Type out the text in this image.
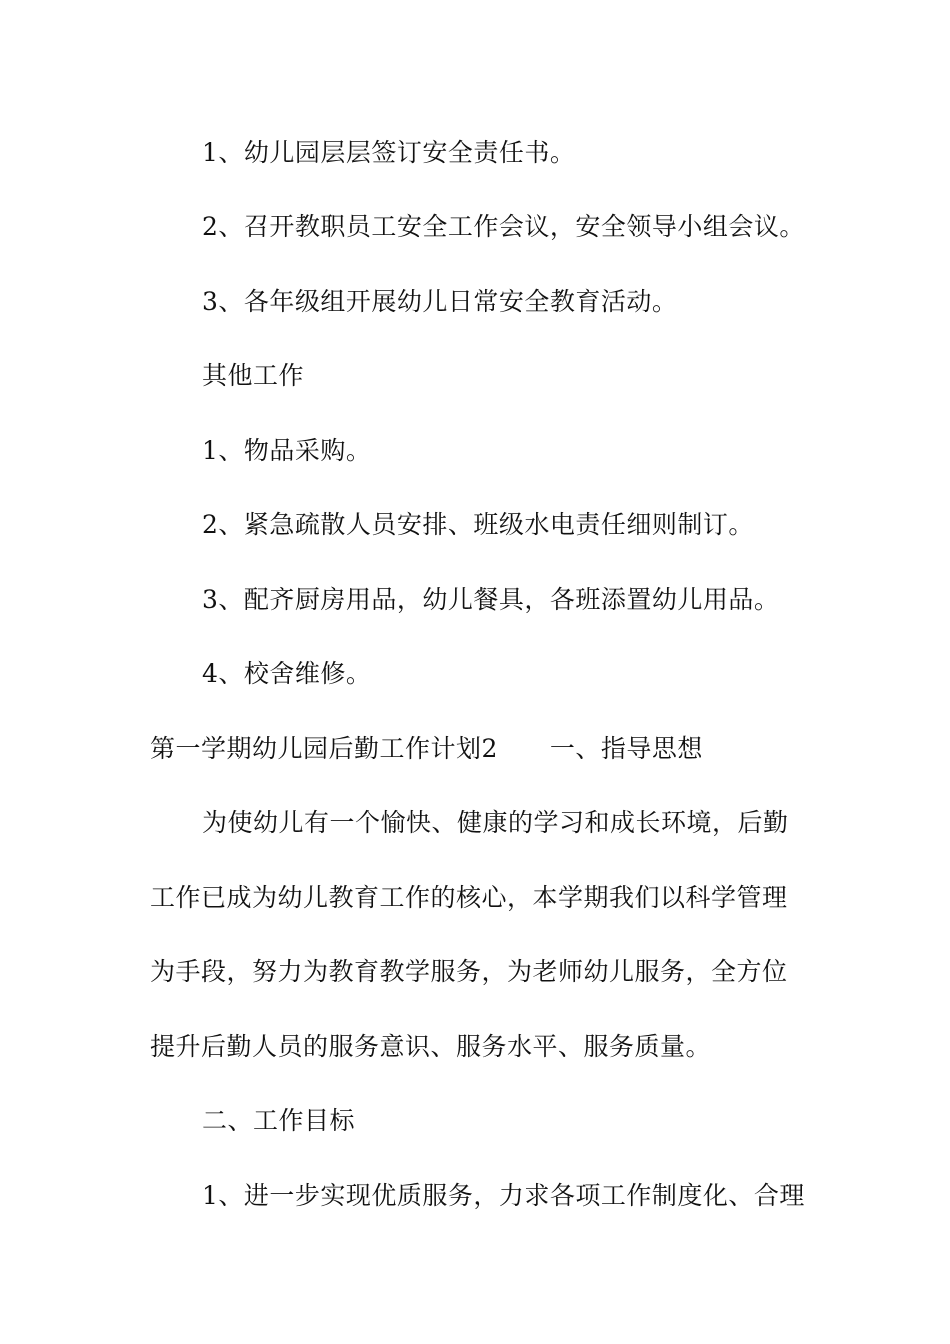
1、幼儿园层层签订安全责任书。
2、召开教职员工安全工作会议，安全领导小组会议。
3、各年级组开展幼儿日常安全教育活动。
其他工作
1、物品采购。
2、紧急疏散人员安排、班级水电责任细则制订。
3、配齐厨房用品，幼儿餐具，各班添置幼儿用品。
4、校舍维修。
第一学期幼儿园后勤工作计划2 一、指导思想
为使幼儿有一个愉快、健康的学习和成长环境，后勤
工作已成为幼儿教育工作的核心，本学期我们以科学管理
为手段，努力为教育教学服务，为老师幼儿服务，全方位
提升后勤人员的服务意识、服务水平、服务质量。
二、工作目标
1、进一步实现优质服务，力求各项工作制度化、合理
